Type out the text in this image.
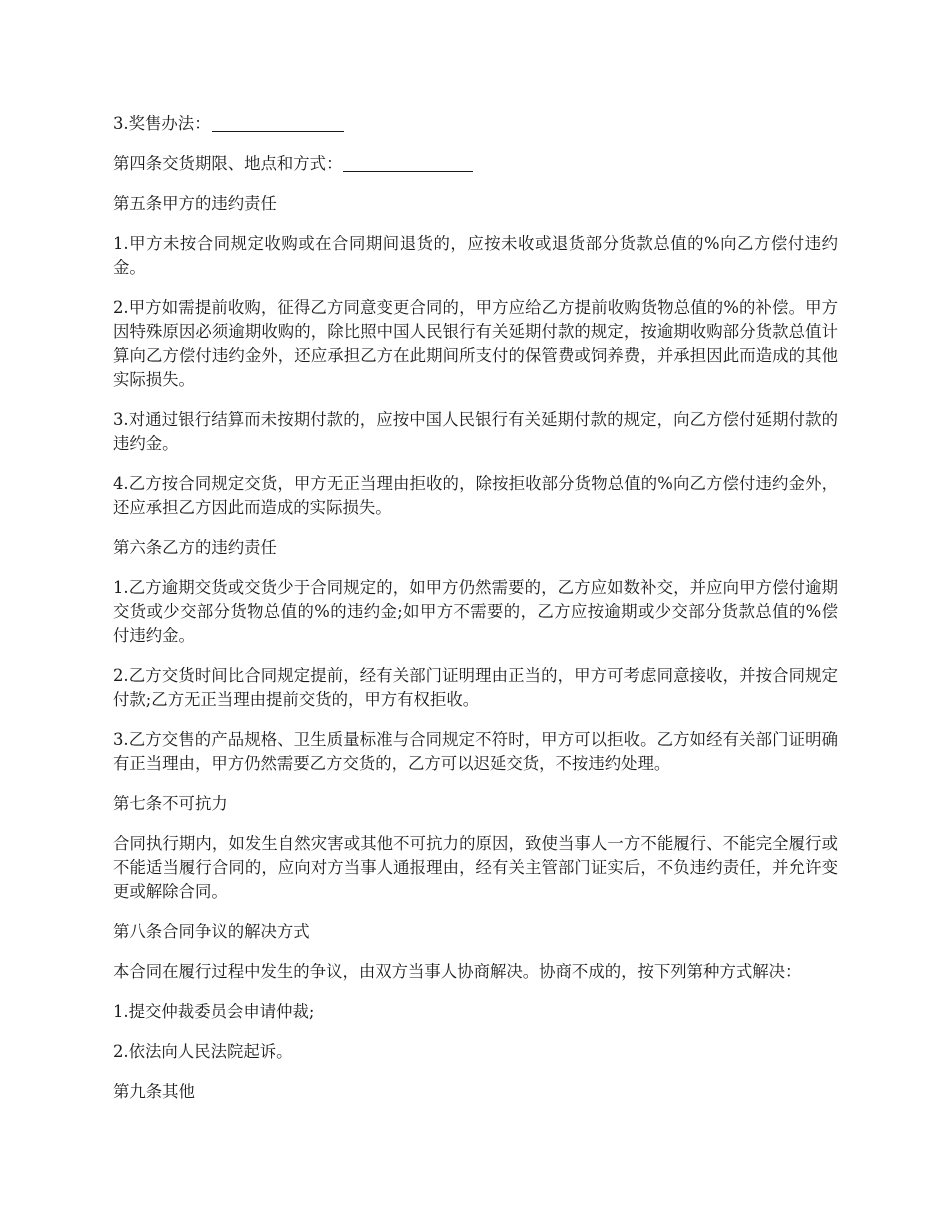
3.奖售办法：

第四条交货期限、地点和方式：

第五条甲方的违约责任

1.甲方未按合同规定收购或在合同期间退货的，应按未收或退货部分货款总值的%向乙方偿付违约金。

2.甲方如需提前收购，征得乙方同意变更合同的，甲方应给乙方提前收购货物总值的%的补偿。甲方因特殊原因必须逾期收购的，除比照中国人民银行有关延期付款的规定，按逾期收购部分货款总值计算向乙方偿付违约金外，还应承担乙方在此期间所支付的保管费或饲养费，并承担因此而造成的其他实际损失。

3.对通过银行结算而未按期付款的，应按中国人民银行有关延期付款的规定，向乙方偿付延期付款的违约金。

4.乙方按合同规定交货，甲方无正当理由拒收的，除按拒收部分货物总值的%向乙方偿付违约金外，还应承担乙方因此而造成的实际损失。

第六条乙方的违约责任

1.乙方逾期交货或交货少于合同规定的，如甲方仍然需要的，乙方应如数补交，并应向甲方偿付逾期交货或少交部分货物总值的%的违约金;如甲方不需要的，乙方应按逾期或少交部分货款总值的%偿付违约金。

2.乙方交货时间比合同规定提前，经有关部门证明理由正当的，甲方可考虑同意接收，并按合同规定付款;乙方无正当理由提前交货的，甲方有权拒收。

3.乙方交售的产品规格、卫生质量标准与合同规定不符时，甲方可以拒收。乙方如经有关部门证明确有正当理由，甲方仍然需要乙方交货的，乙方可以迟延交货，不按违约处理。

第七条不可抗力

合同执行期内，如发生自然灾害或其他不可抗力的原因，致使当事人一方不能履行、不能完全履行或不能适当履行合同的，应向对方当事人通报理由，经有关主管部门证实后，不负违约责任，并允许变更或解除合同。

第八条合同争议的解决方式

本合同在履行过程中发生的争议，由双方当事人协商解决。协商不成的，按下列第种方式解决：

1.提交仲裁委员会申请仲裁;

2.依法向人民法院起诉。

第九条其他
